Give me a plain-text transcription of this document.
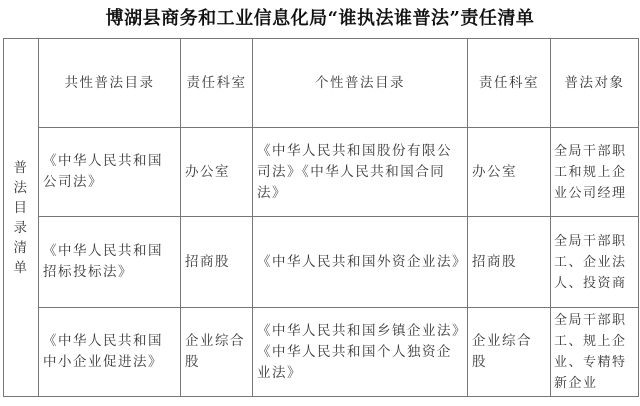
博湖县商务和工业信息化局“谁执法谁普法”责任清单
普法目录清单	共性普法目录	责任科室	个性普法目录	责任科室	普法对象
	《中华人民共和国公司法》	办公室	《中华人民共和国股份有限公司法》《中华人民共和国合同法》	办公室	全局干部职工和规上企业公司经理
	《中华人民共和国招标投标法》	招商股	《中华人民共和国外资企业法》	招商股	全局干部职工、企业法人、投资商
	《中华人民共和国中小企业促进法》	企业综合股	《中华人民共和国乡镇企业法》《中华人民共和国个人独资企业法》	企业综合股	全局干部职工、规上企业、专精特新企业
